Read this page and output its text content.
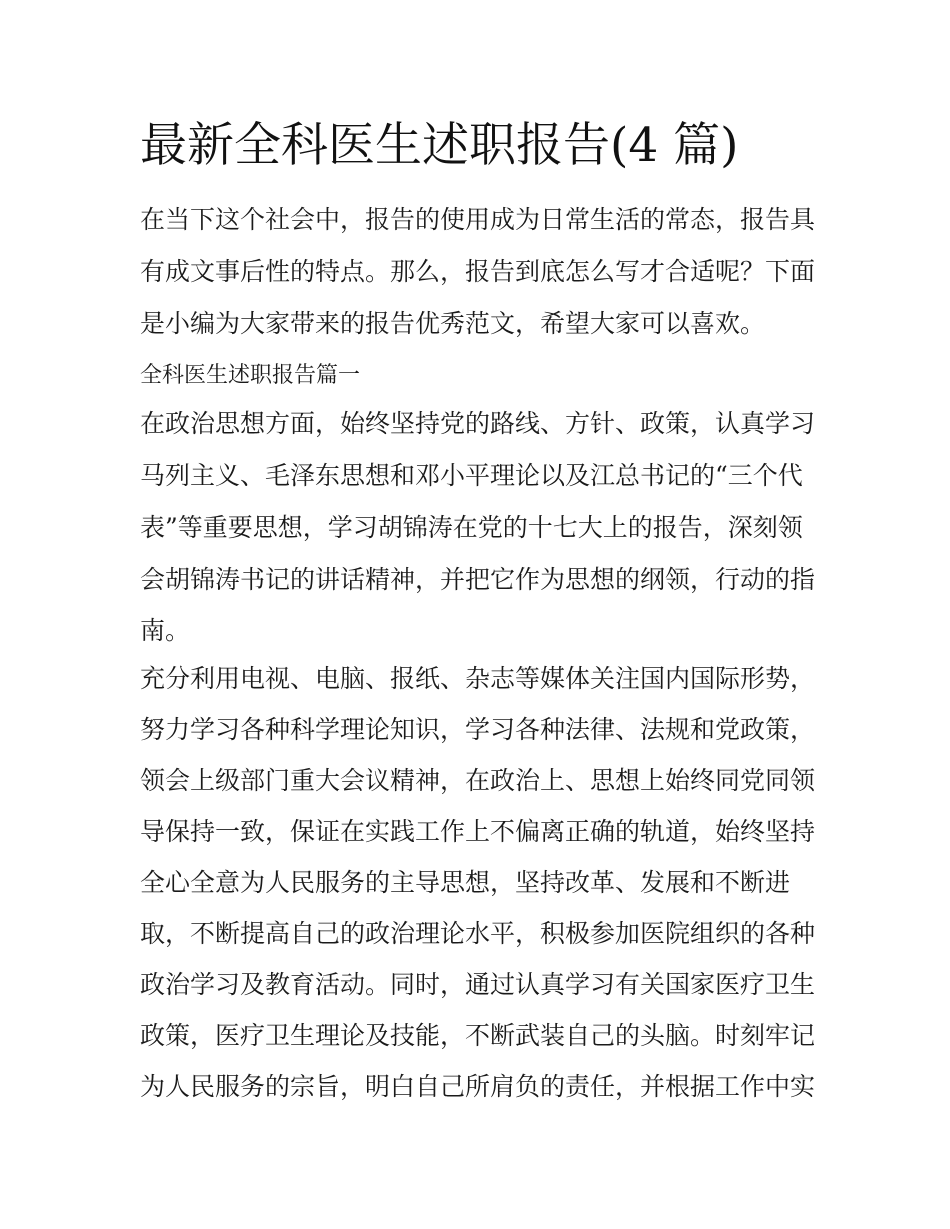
最新全科医生述职报告(4 篇)

在当下这个社会中，报告的使用成为日常生活的常态，报告具

有成文事后性的特点。那么，报告到底怎么写才合适呢？下面

是小编为大家带来的报告优秀范文，希望大家可以喜欢。

全科医生述职报告篇一

在政治思想方面，始终坚持党的路线、方针、政策，认真学习

马列主义、毛泽东思想和邓小平理论以及江总书记的“三个代

表”等重要思想，学习胡锦涛在党的十七大上的报告，深刻领

会胡锦涛书记的讲话精神，并把它作为思想的纲领，行动的指

南。

充分利用电视、电脑、报纸、杂志等媒体关注国内国际形势，

努力学习各种科学理论知识，学习各种法律、法规和党政策，

领会上级部门重大会议精神，在政治上、思想上始终同党同领

导保持一致，保证在实践工作上不偏离正确的轨道，始终坚持

全心全意为人民服务的主导思想，坚持改革、发展和不断进

取，不断提高自己的政治理论水平，积极参加医院组织的各种

政治学习及教育活动。同时，通过认真学习有关国家医疗卫生

政策，医疗卫生理论及技能，不断武装自己的头脑。时刻牢记

为人民服务的宗旨，明白自己所肩负的责任，并根据工作中实
